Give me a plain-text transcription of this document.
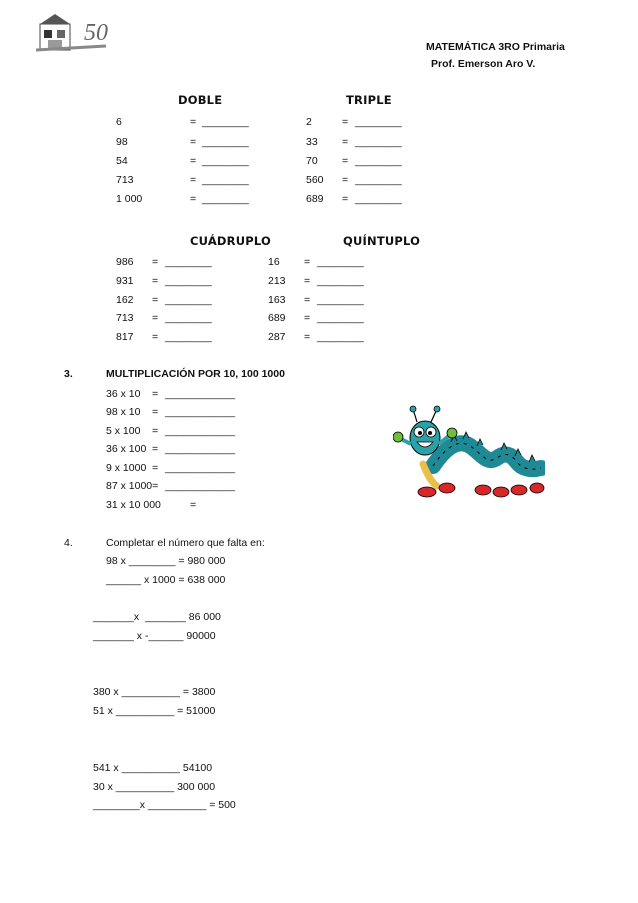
50
MATEMÁTICA 3RO Primaria
Prof. Emerson Aro V.
DOBLE	TRIPLE
6	= ________
98	= ________
54	= ________
713	= ________
1 000	= ________
2	= ________
33 = ________
70 = ________
560 = ________
689 = ________
CUÁDRUPLO	QUÍNTUPLO
986 = ________
931 = ________
162 = ________
713 = ________
817 = ________
16 = ________
213 = ________
163 = ________
689 = ________
287 = ________
3.	MULTIPLICACIÓN POR 10, 100 1000
36 x 10 = ____________
98 x 10 = ____________
5 x 100 = ____________
36 x 100 = ____________
9 x 1000 = ____________
87 x 1000= ____________
31 x 10 000	=
4.	Completar el número que falta en:
98 x ________ = 980 000
______ x 1000 = 638 000
_______x  _______ 86 000
_______ x -______ 90000
380 x __________ = 3800
51 x __________ = 51000
541 x __________ 54100
30 x __________ 300 000
________x __________ = 500
